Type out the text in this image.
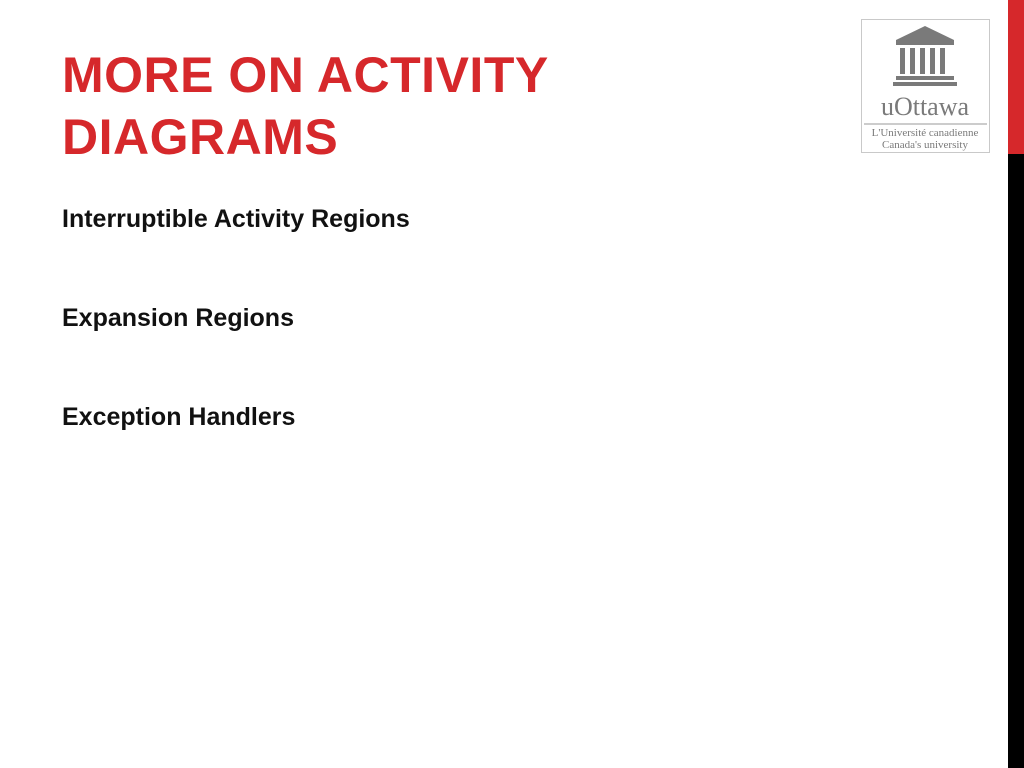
MORE ON ACTIVITY
DIAGRAMS
Interruptible Activity Regions
Expansion Regions
Exception Handlers
uOttawa
L'Université canadienne
Canada's university
